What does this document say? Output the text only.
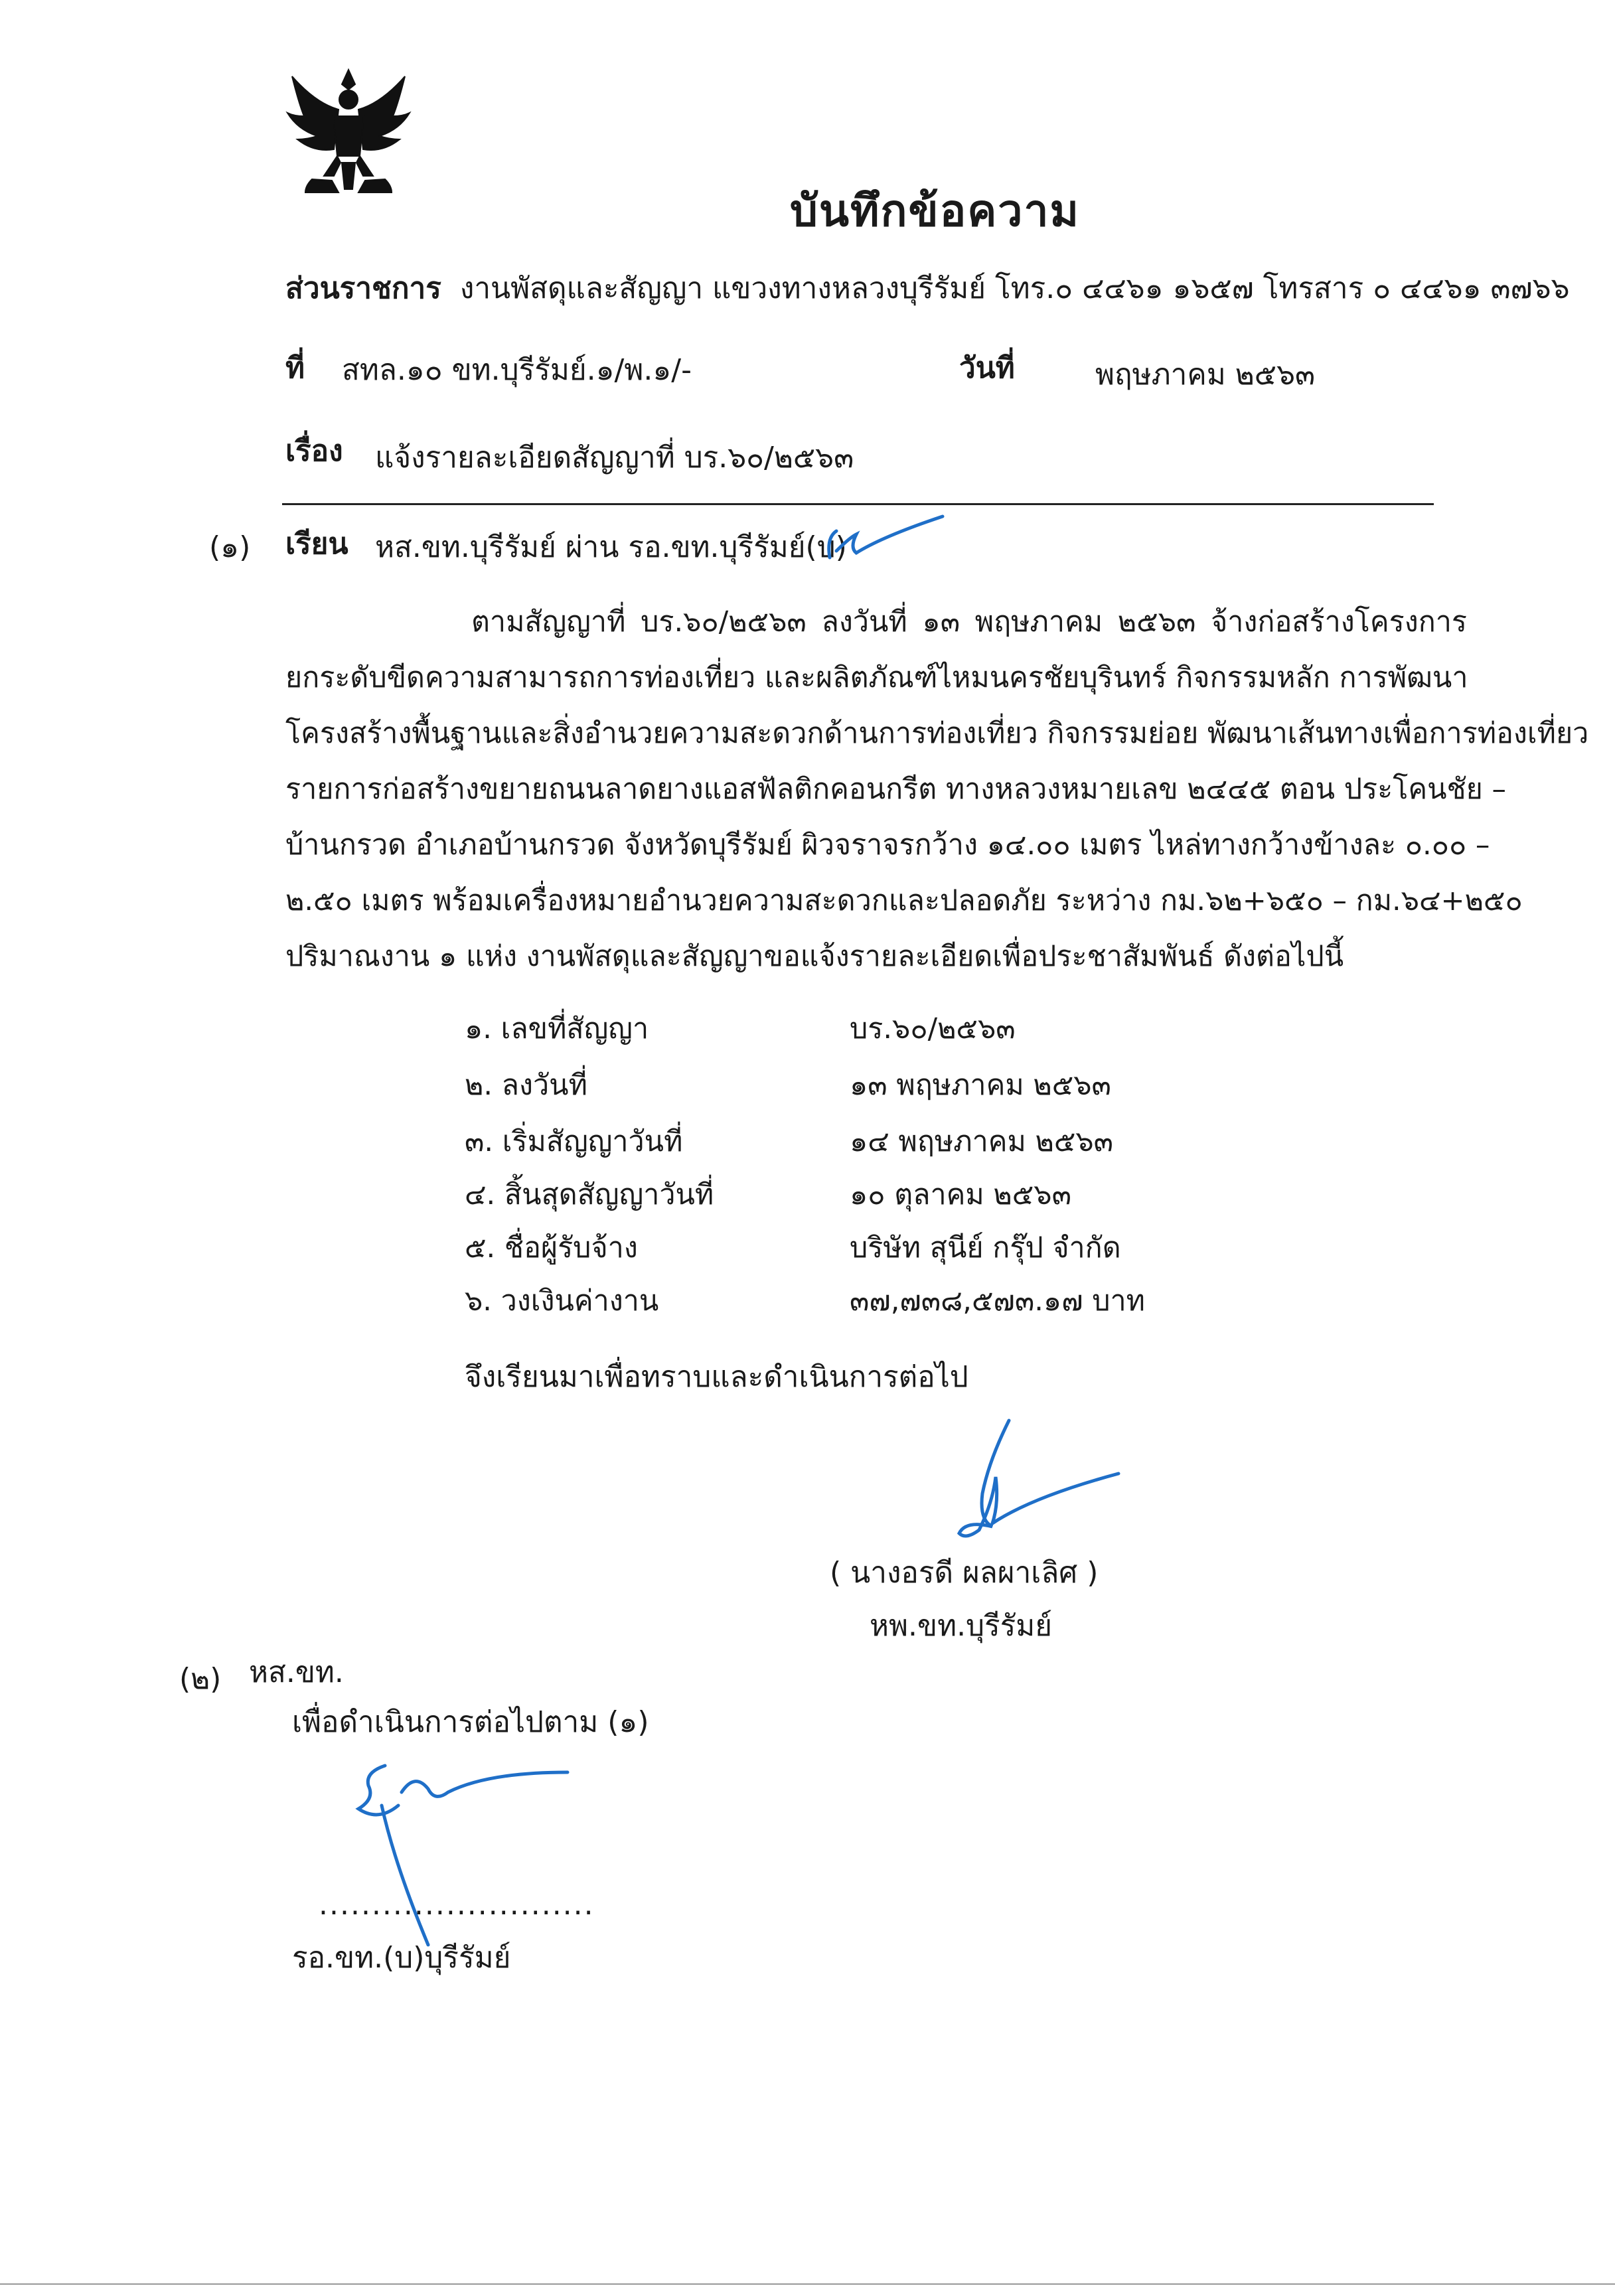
บันทึกข้อความ
ส่วนราชการ งานพัสดุและสัญญา แขวงทางหลวงบุรีรัมย์ โทร.๐ ๔๔๖๑ ๑๖๕๗ โทรสาร ๐ ๔๔๖๑ ๓๗๖๖
ที่ สทล.๑๐ ขท.บุรีรัมย์.๑/พ.๑/-	วันที่	พฤษภาคม ๒๕๖๓
เรื่อง แจ้งรายละเอียดสัญญาที่ บร.๖๐/๒๕๖๓
(๑) เรียน หส.ขท.บุรีรัมย์ ผ่าน รอ.ขท.บุรีรัมย์(บ)
ตามสัญญาที่ บร.๖๐/๒๕๖๓ ลงวันที่ ๑๓ พฤษภาคม ๒๕๖๓ จ้างก่อสร้างโครงการ
ยกระดับขีดความสามารถการท่องเที่ยว และผลิตภัณฑ์ไหมนครชัยบุรินทร์ กิจกรรมหลัก การพัฒนา
โครงสร้างพื้นฐานและสิ่งอำนวยความสะดวกด้านการท่องเที่ยว กิจกรรมย่อย พัฒนาเส้นทางเพื่อการท่องเที่ยว
รายการก่อสร้างขยายถนนลาดยางแอสฟัลติกคอนกรีต ทางหลวงหมายเลข ๒๔๔๕ ตอน ประโคนชัย –
บ้านกรวด อำเภอบ้านกรวด จังหวัดบุรีรัมย์ ผิวจราจรกว้าง ๑๔.๐๐ เมตร ไหล่ทางกว้างข้างละ ๐.๐๐ –
๒.๕๐ เมตร พร้อมเครื่องหมายอำนวยความสะดวกและปลอดภัย ระหว่าง กม.๖๒+๖๕๐ – กม.๖๔+๒๕๐
ปริมาณงาน ๑ แห่ง งานพัสดุและสัญญาขอแจ้งรายละเอียดเพื่อประชาสัมพันธ์ ดังต่อไปนี้
๑. เลขที่สัญญา	บร.๖๐/๒๕๖๓
๒. ลงวันที่	๑๓ พฤษภาคม ๒๕๖๓
๓. เริ่มสัญญาวันที่	๑๔ พฤษภาคม ๒๕๖๓
๔. สิ้นสุดสัญญาวันที่	๑๐ ตุลาคม ๒๕๖๓
๕. ชื่อผู้รับจ้าง	บริษัท สุนีย์ กรุ๊ป จำกัด
๖. วงเงินค่างาน	๓๗,๗๓๘,๕๗๓.๑๗ บาท
จึงเรียนมาเพื่อทราบและดำเนินการต่อไป
( นางอรดี ผลผาเลิศ )
หพ.ขท.บุรีรัมย์
(๒) หส.ขท.
เพื่อดำเนินการต่อไปตาม (๑)
..........................
รอ.ขท.(บ)บุรีรัมย์
